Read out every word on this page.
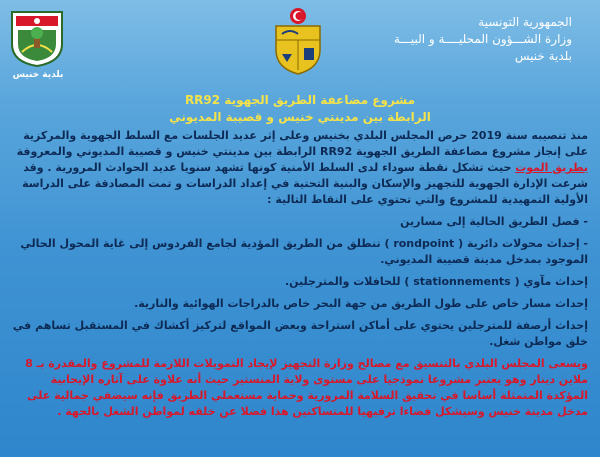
بلدية خنيس
الجمهورية التونسية
وزارة الشـــؤون المحليــــة و البيـــة
بلدية خنيس
مشروع مضاعفة الطريق الجهوية RR92
الرابطة بين مدينتي خنيس و قصيبة المديوني

منذ تنصيبه سنة 2019 حرص المجلس البلدي بخنيس وعلى إثر عديد الجلسات مع السلط الجهوية والمركزية على إنجاز مشروع مضاعفة الطريق الجهوية RR92 الرابطة بين مدينتي خنيس و قصيبة المديوني والمعروفة بطريق الموت حيث تشكل نقطة سوداء لدى السلط الأمنية كونها تشهد سنويا عديد الحوادث المرورية . وقد شرعت الإدارة الجهوية للتجهيز والإسكان والبنية التحتية في إعداد الدراسات و تمت المصادقة على الدراسة الأولية التمهيدية للمشروع والتي تحتوي على النقاط التالية :

- فصل الطريق الحالية إلى مسارين

- إحداث محولات دائرية ( rondpoint ) تنطلق من الطريق المؤدية لجامع الفردوس إلى غاية المحول الحالي الموجود بمدخل مدينة قصيبة المديوني.

إحداث مآوي ( stationnements ) للحافلات والمترجلين.

إحداث مسار خاص على طول الطريق من جهة البحر خاص بالدراجات الهوائية والنارية.

إحداث أرصفة للمترجلين يحتوي على أماكن استراحة وبعض المواقع لتركيز أكشاك في المستقبل تساهم في خلق مواطن شغل.

ويسعى المجلس البلدي بالتنسيق مع مصالح وزارة التجهيز لإيجاد التمويلات اللازمة للمشروع والمقدرة بـ 8 ملاين دينار وهو يعتبر مشروعا نموذجيا على مستوى ولاية المنستير حيث أنه علاوة على آثاره الإيجابية المؤكدة المتمثلة أساسا في تحقيق السلامة المرورية وحماية مستعملي الطريق فإنه سيضفي جمالية على مدخل مدينة خنيس وسيشكل فضاءا ترفيهيا للمتساكنين هذا فضلا عن خلقه لمواطن الشغل بالجهة .
